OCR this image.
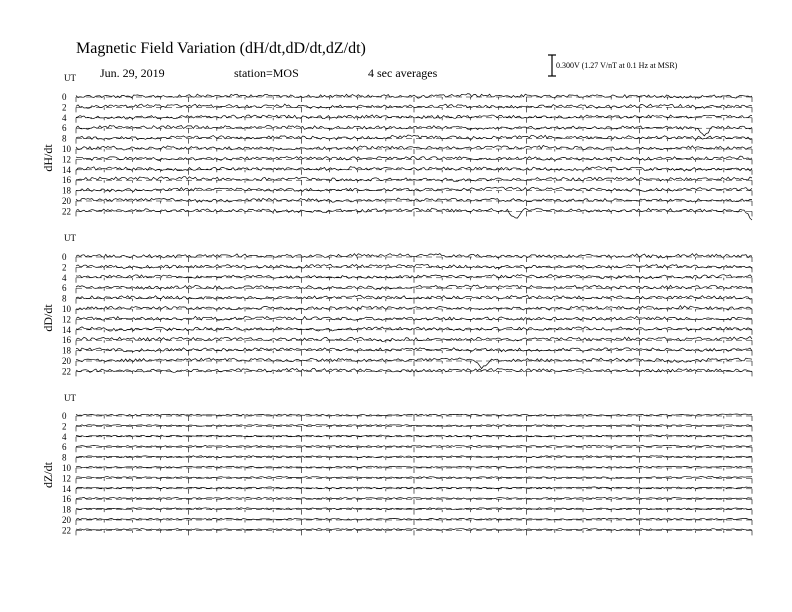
Magnetic Field Variation (dH/dt,dD/dt,dZ/dt)
Jun. 29, 2019	station=MOS	4 sec averages
0.300V (1.27 V/nT at 0.1 Hz at MSR)
UT
dH/dt
0
2
4
6
8
10
12
14
16
18
20
22
UT
dD/dt
0
2
4
6
8
10
12
14
16
18
20
22
UT
dZ/dt
0
2
4
6
8
10
12
14
16
18
20
22
